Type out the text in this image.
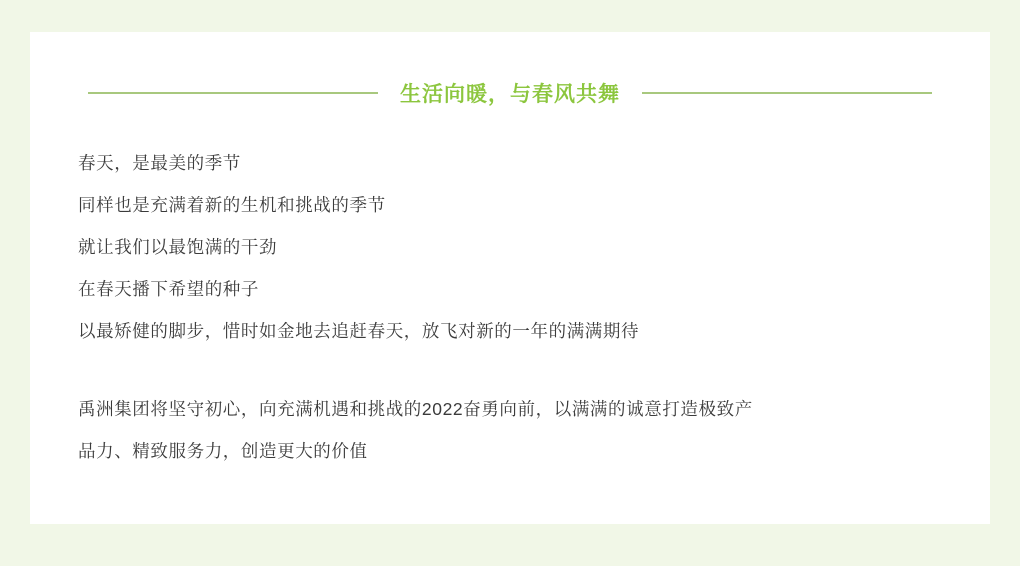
生活向暖，与春风共舞
春天，是最美的季节
同样也是充满着新的生机和挑战的季节
就让我们以最饱满的干劲
在春天播下希望的种子
以最矫健的脚步，惜时如金地去追赶春天，放飞对新的一年的满满期待
禹洲集团将坚守初心，向充满机遇和挑战的2022奋勇向前，以满满的诚意打造极致产
品力、精致服务力，创造更大的价值
